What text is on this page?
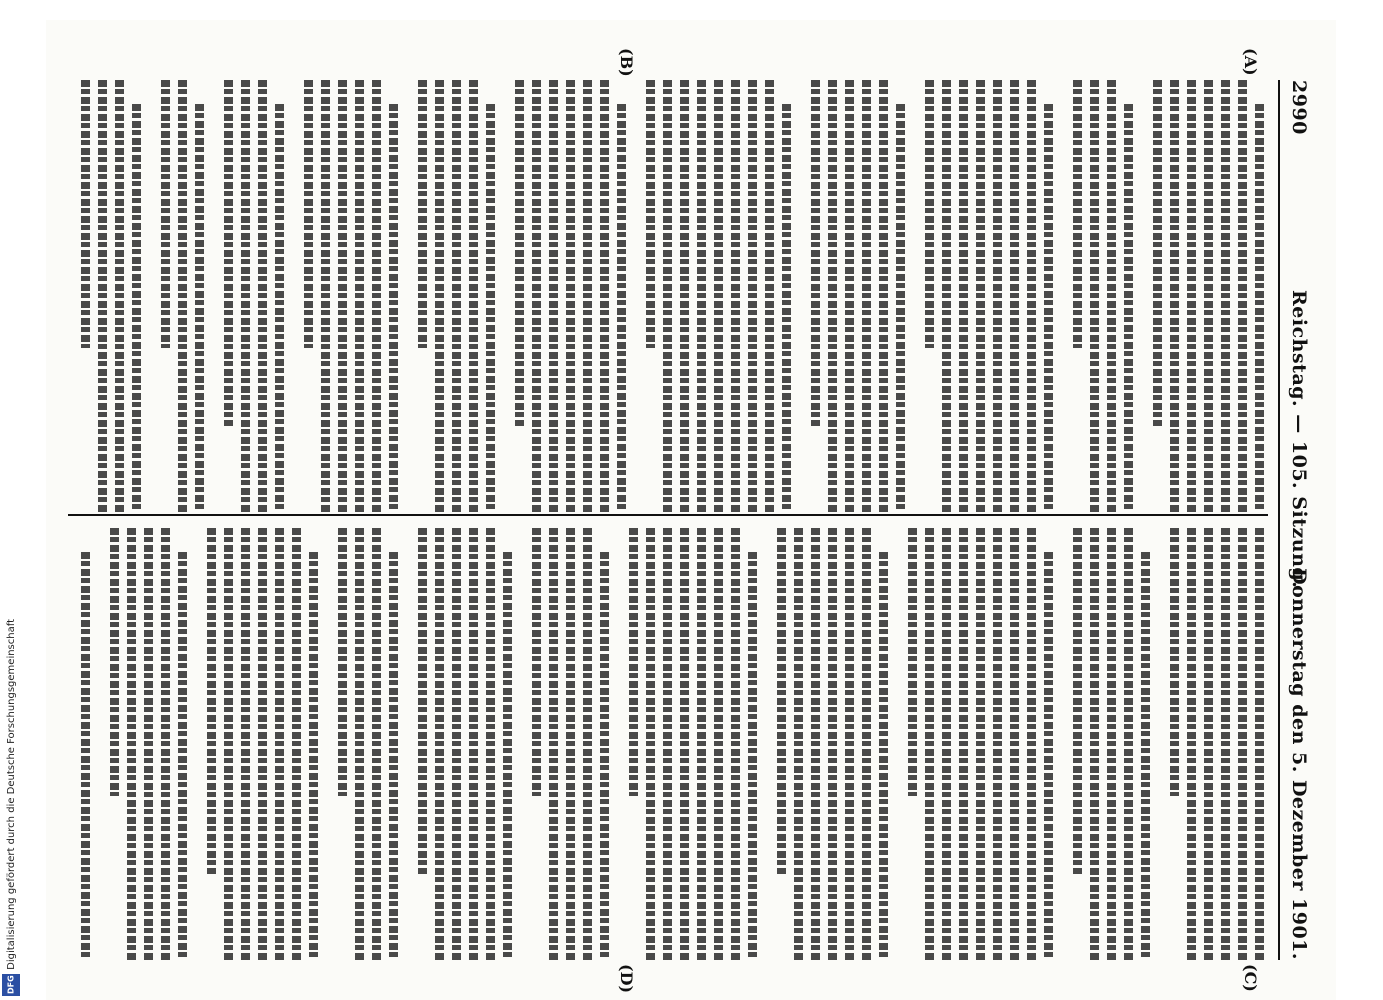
2990
Reichstag. — 105. Sitzung.
Donnerstag den 5. Dezember 1901.
(A)
(B)
(C)
(D)
Digitalisierung gefördert durch die Deutsche Forschungsgemeinschaft
DFG
